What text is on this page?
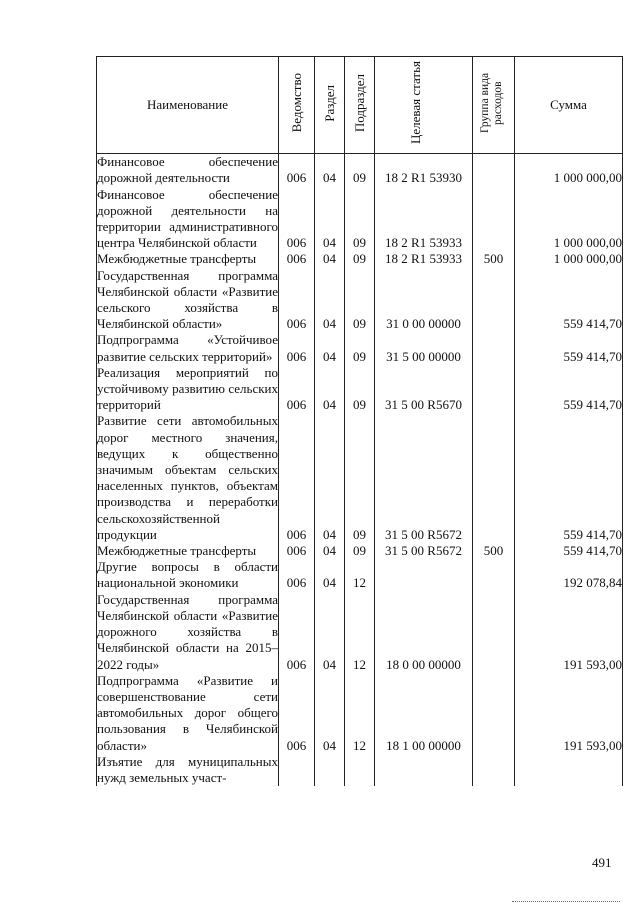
Наименование	Ведомство	Раздел	Подраздел	Целевая статья	Группа вида расходов	Сумма
Финансовое обеспечение дорожной деятельности	006	04	09	18 2 R1 53930		1 000 000,00
Финансовое обеспечение дорожной деятельности на территории административного центра Челябинской области	006	04	09	18 2 R1 53933		1 000 000,00
Межбюджетные трансферты	006	04	09	18 2 R1 53933	500	1 000 000,00
Государственная программа Челябинской области «Развитие сельского хозяйства в Челябинской области»	006	04	09	31 0 00 00000		559 414,70
Подпрограмма «Устойчивое развитие сельских территорий»	006	04	09	31 5 00 00000		559 414,70
Реализация мероприятий по устойчивому развитию сельских территорий	006	04	09	31 5 00 R5670		559 414,70
Развитие сети автомобильных дорог местного значения, ведущих к общественно значимым объектам сельских населенных пунктов, объектам производства и переработки сельскохозяйственной продукции	006	04	09	31 5 00 R5672		559 414,70
Межбюджетные трансферты	006	04	09	31 5 00 R5672	500	559 414,70
Другие вопросы в области национальной экономики	006	04	12			192 078,84
Государственная программа Челябинской области «Развитие дорожного хозяйства в Челябинской области на 2015–2022 годы»	006	04	12	18 0 00 00000		191 593,00
Подпрограмма «Развитие и совершенствование сети автомобильных дорог общего пользования в Челябинской области»	006	04	12	18 1 00 00000		191 593,00
Изъятие для муниципальных нужд земельных участ-						
491
